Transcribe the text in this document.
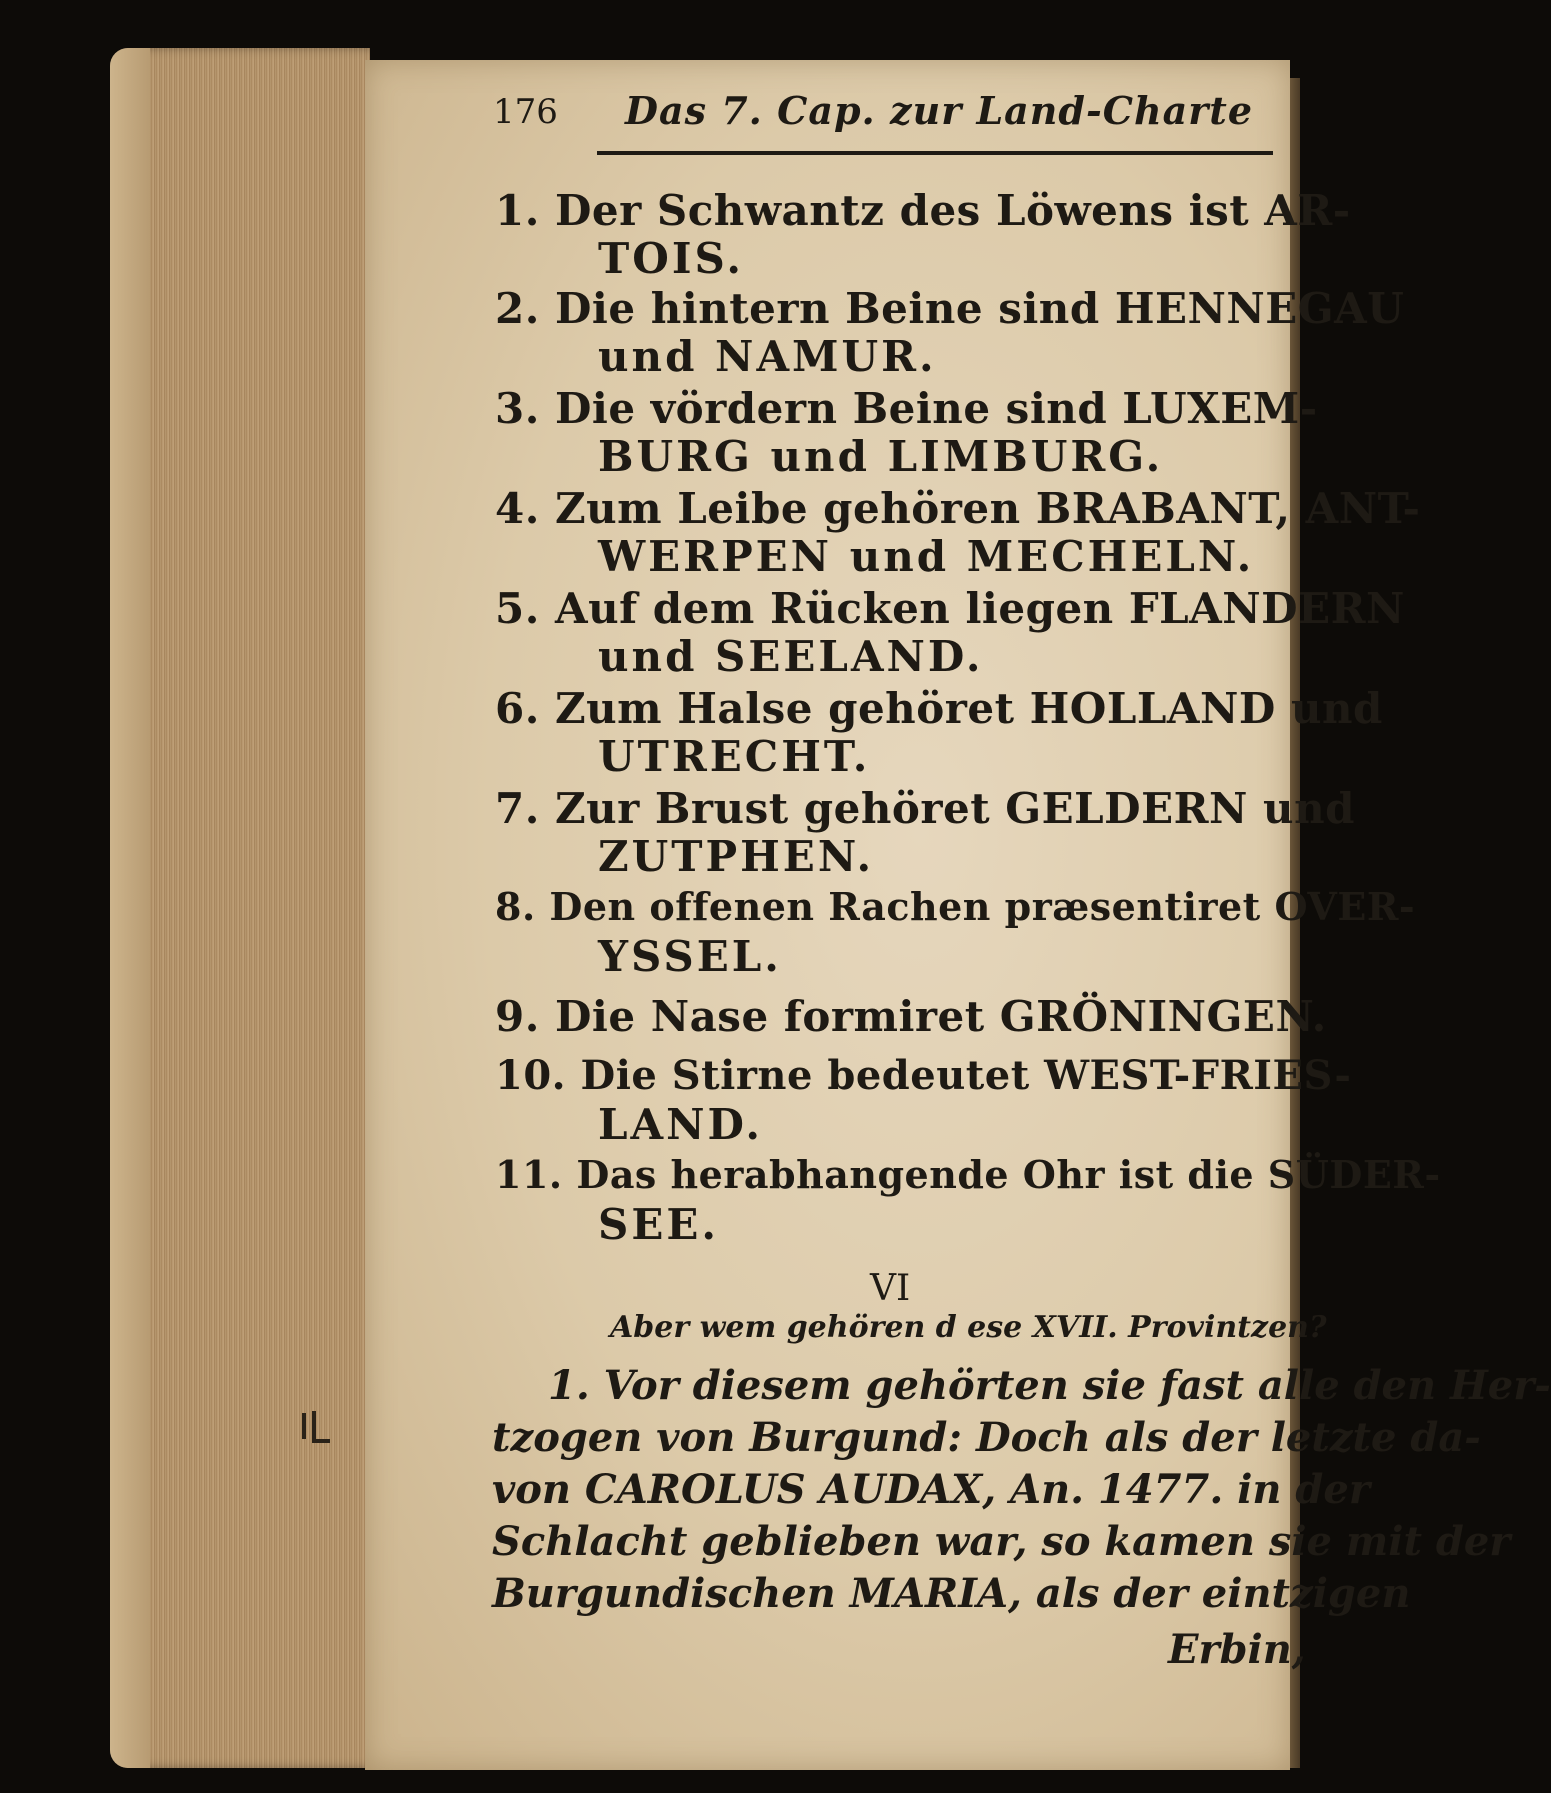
176 Das 7. Cap. zur Land-Charte
1. Der Schwantz des Löwens ist AR-
TOIS.
2. Die hintern Beine sind HENNEGAU
und NAMUR.
3. Die vördern Beine sind LUXEM-
BURG und LIMBURG.
4. Zum Leibe gehören BRABANT, ANT-
WERPEN und MECHELN.
5. Auf dem Rücken liegen FLANDERN
und SEELAND.
6. Zum Halse gehöret HOLLAND und
UTRECHT.
7. Zur Brust gehöret GELDERN und
ZUTPHEN.
8. Den offenen Rachen præsentiret OVER-
YSSEL.
9. Die Nase formiret GRÖNINGEN.
10. Die Stirne bedeutet WEST-FRIES-
LAND.
11. Das herabhangende Ohr ist die SÜDER-
SEE.
VI
Aber wem gehören d ese XVII. Provintzen?
1. Vor diesem gehörten sie fast alle den Her-
tzogen von Burgund: Doch als der letzte da-
von CAROLUS AUDAX, An. 1477. in der
Schlacht geblieben war, so kamen sie mit der
Burgundischen MARIA, als der eintzigen
Erbin,
